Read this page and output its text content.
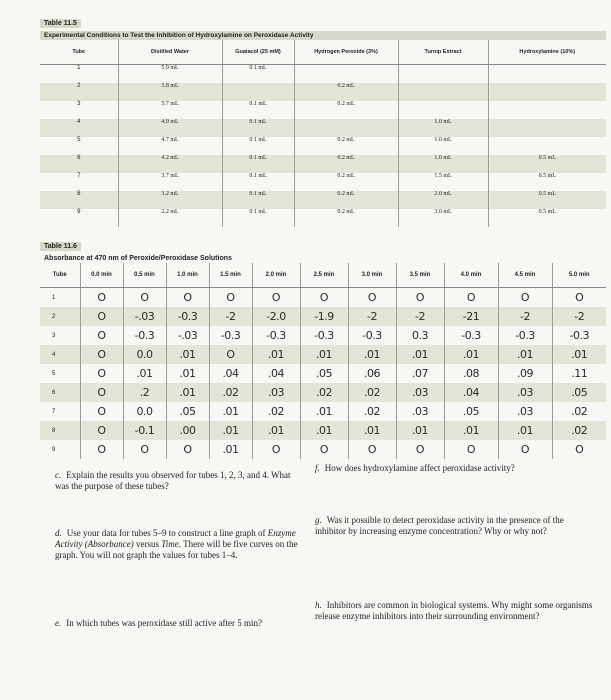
Table 11.5
Experimental Conditions to Test the Inhibition of Hydroxylamine on Peroxidase Activity
Tube	Distilled Water	Guaiacol (25 mM)	Hydrogen Peroxide (3%)	Turnip Extract	Hydroxylamine (10%)
1	5.9 mL	0.1 mL			
2	5.8 mL		0.2 mL		
3	5.7 mL	0.1 mL	0.2 mL		
4	4.9 mL	0.1 mL		1.0 mL	
5	4.7 mL	0.1 mL	0.2 mL	1.0 mL	
6	4.2 mL	0.1 mL	0.2 mL	1.0 mL	0.5 mL
7	3.7 mL	0.1 mL	0.2 mL	1.5 mL	0.5 mL
8	3.2 mL	0.1 mL	0.2 mL	2.0 mL	0.5 mL
9	2.2 mL	0.1 mL	0.2 mL	3.0 mL	0.5 mL
Table 11.6
Absorbance at 470 nm of Peroxide/Peroxidase Solutions
Tube	0.0 min	0.5 min	1.0 min	1.5 min	2.0 min	2.5 min	3.0 min	3.5 min	4.0 min	4.5 min	5.0 min
1	O	O	O	O	O	O	O	O	O	O	O
2	O	-.03	-0.3	-2	-2.0	-1.9	-2	-2	-21	-2	-2
3	O	-0.3	-.03	-0.3	-0.3	-0.3	-0.3	0.3	-0.3	-0.3	-0.3
4	O	0.0	.01	O	.01	.01	.01	.01	.01	.01	.01
5	O	.01	.01	.04	.04	.05	.06	.07	.08	.09	.11
6	O	.2	.01	.02	.03	.02	.02	.03	.04	.03	.05
7	O	0.0	.05	.01	.02	.01	.02	.03	.05	.03	.02
8	O	-0.1	.00	.01	.01	.01	.01	.01	.01	.01	.02
9	O	O	O	.01	O	O	O	O	O	O	O
c. Explain the results you observed for tubes 1, 2, 3, and 4. What was the purpose of these tubes?
f. How does hydroxylamine affect peroxidase activity?
d. Use your data for tubes 5–9 to construct a line graph of Enzyme Activity (Absorbance) versus Time. There will be five curves on the graph. You will not graph the values for tubes 1–4.
g. Was it possible to detect peroxidase activity in the presence of the inhibitor by increasing enzyme concentration? Why or why not?
e. In which tubes was peroxidase still active after 5 min?
h. Inhibitors are common in biological systems. Why might some organisms release enzyme inhibitors into their surrounding environment?
